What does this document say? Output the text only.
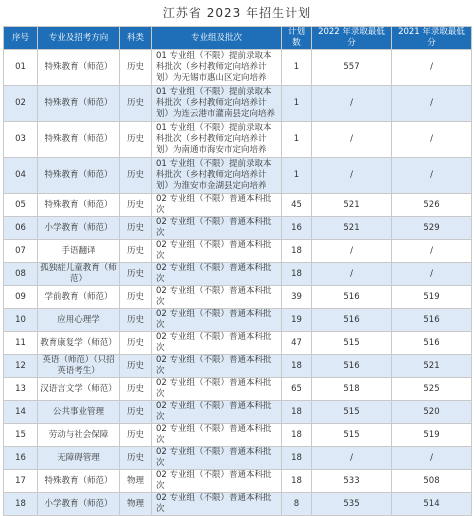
江苏省 2023 年招生计划
序号	专业及招考方向	科类	专业组及批次	计划数	2022 年录取最低分	2021 年录取最低分
01	特殊教育（师范）	历史	01 专业组（不限）提前录取本科批次（乡村教师定向培养计划）为无锡市惠山区定向培养	1	557	/
02	特殊教育（师范）	历史	01 专业组（不限）提前录取本科批次（乡村教师定向培养计划）为连云港市灌南县定向培养	1	/	/
03	特殊教育（师范）	历史	01 专业组（不限）提前录取本科批次（乡村教师定向培养计划）为南通市海安市定向培养	1	/	/
04	特殊教育（师范）	历史	01 专业组（不限）提前录取本科批次（乡村教师定向培养计划）为淮安市金湖县定向培养	1	/	/
05	特殊教育（师范）	历史	02 专业组（不限）普通本科批次	45	521	526
06	小学教育（师范）	历史	02 专业组（不限）普通本科批次	16	521	529
07	手语翻译	历史	02 专业组（不限）普通本科批次	18	/	/
08	孤独症儿童教育（师范）	历史	02 专业组（不限）普通本科批次	18	/	/
09	学前教育（师范）	历史	02 专业组（不限）普通本科批次	39	516	519
10	应用心理学	历史	02 专业组（不限）普通本科批次	19	516	516
11	教育康复学（师范）	历史	02 专业组（不限）普通本科批次	47	515	516
12	英语（师范）（只招英语考生）	历史	02 专业组（不限）普通本科批次	18	516	521
13	汉语言文学（师范）	历史	02 专业组（不限）普通本科批次	65	518	525
14	公共事业管理	历史	02 专业组（不限）普通本科批次	18	515	520
15	劳动与社会保障	历史	02 专业组（不限）普通本科批次	18	515	519
16	无障碍管理	历史	02 专业组（不限）普通本科批次	18	/	/
17	特殊教育（师范）	物理	02 专业组（不限）普通本科批次	18	533	508
18	小学教育（师范）	物理	02 专业组（不限）普通本科批次	8	535	514
